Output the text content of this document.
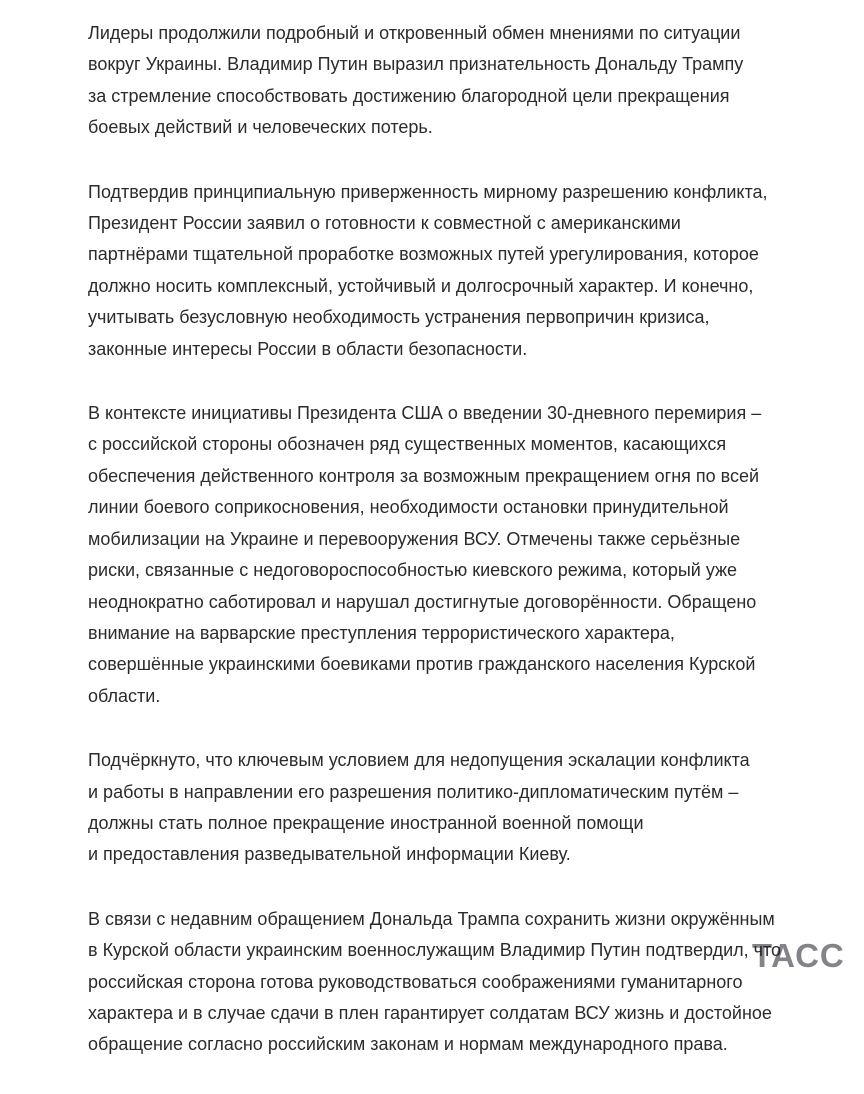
Лидеры продолжили подробный и откровенный обмен мнениями по ситуации
вокруг Украины. Владимир Путин выразил признательность Дональду Трампу
за стремление способствовать достижению благородной цели прекращения
боевых действий и человеческих потерь.

Подтвердив принципиальную приверженность мирному разрешению конфликта,
Президент России заявил о готовности к совместной с американскими
партнёрами тщательной проработке возможных путей урегулирования, которое
должно носить комплексный, устойчивый и долгосрочный характер. И конечно,
учитывать безусловную необходимость устранения первопричин кризиса,
законные интересы России в области безопасности.

В контексте инициативы Президента США о введении 30-дневного перемирия –
с российской стороны обозначен ряд существенных моментов, касающихся
обеспечения действенного контроля за возможным прекращением огня по всей
линии боевого соприкосновения, необходимости остановки принудительной
мобилизации на Украине и перевооружения ВСУ. Отмечены также серьёзные
риски, связанные с недоговороспособностью киевского режима, который уже
неоднократно саботировал и нарушал достигнутые договорённости. Обращено
внимание на варварские преступления террористического характера,
совершённые украинскими боевиками против гражданского населения Курской
области.

Подчёркнуто, что ключевым условием для недопущения эскалации конфликта
и работы в направлении его разрешения политико-дипломатическим путём –
должны стать полное прекращение иностранной военной помощи
и предоставления разведывательной информации Киеву.

В связи с недавним обращением Дональда Трампа сохранить жизни окружённым
в Курской области украинским военнослужащим Владимир Путин подтвердил, что
российская сторона готова руководствоваться соображениями гуманитарного
характера и в случае сдачи в плен гарантирует солдатам ВСУ жизнь и достойное
обращение согласно российским законам и нормам международного права.

ТАСС
